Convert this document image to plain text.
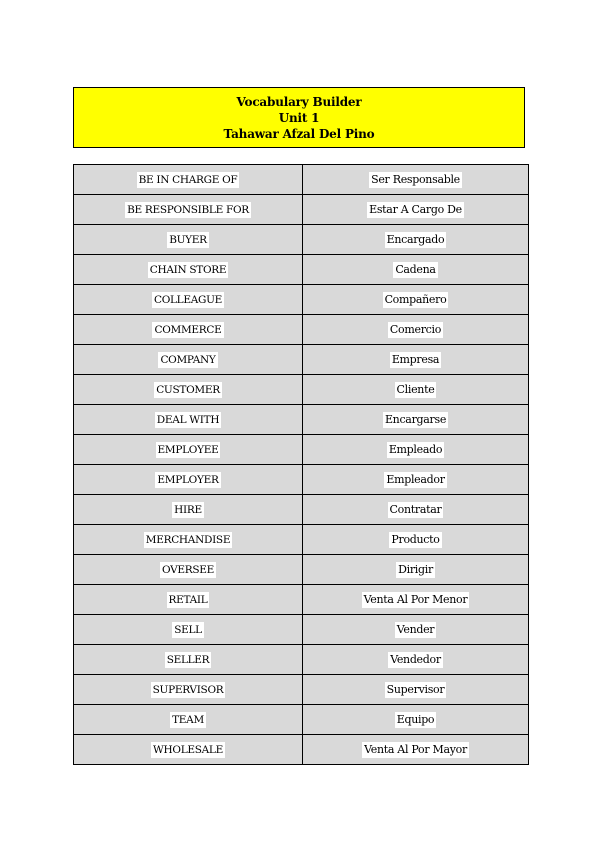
Vocabulary Builder
Unit 1
Tahawar Afzal Del Pino
BE IN CHARGE OF	Ser Responsable
BE RESPONSIBLE FOR	Estar A Cargo De
BUYER	Encargado
CHAIN STORE	Cadena
COLLEAGUE	Compañero
COMMERCE	Comercio
COMPANY	Empresa
CUSTOMER	Cliente
DEAL WITH	Encargarse
EMPLOYEE	Empleado
EMPLOYER	Empleador
HIRE	Contratar
MERCHANDISE	Producto
OVERSEE	Dirigir
RETAIL	Venta Al Por Menor
SELL	Vender
SELLER	Vendedor
SUPERVISOR	Supervisor
TEAM	Equipo
WHOLESALE	Venta Al Por Mayor
